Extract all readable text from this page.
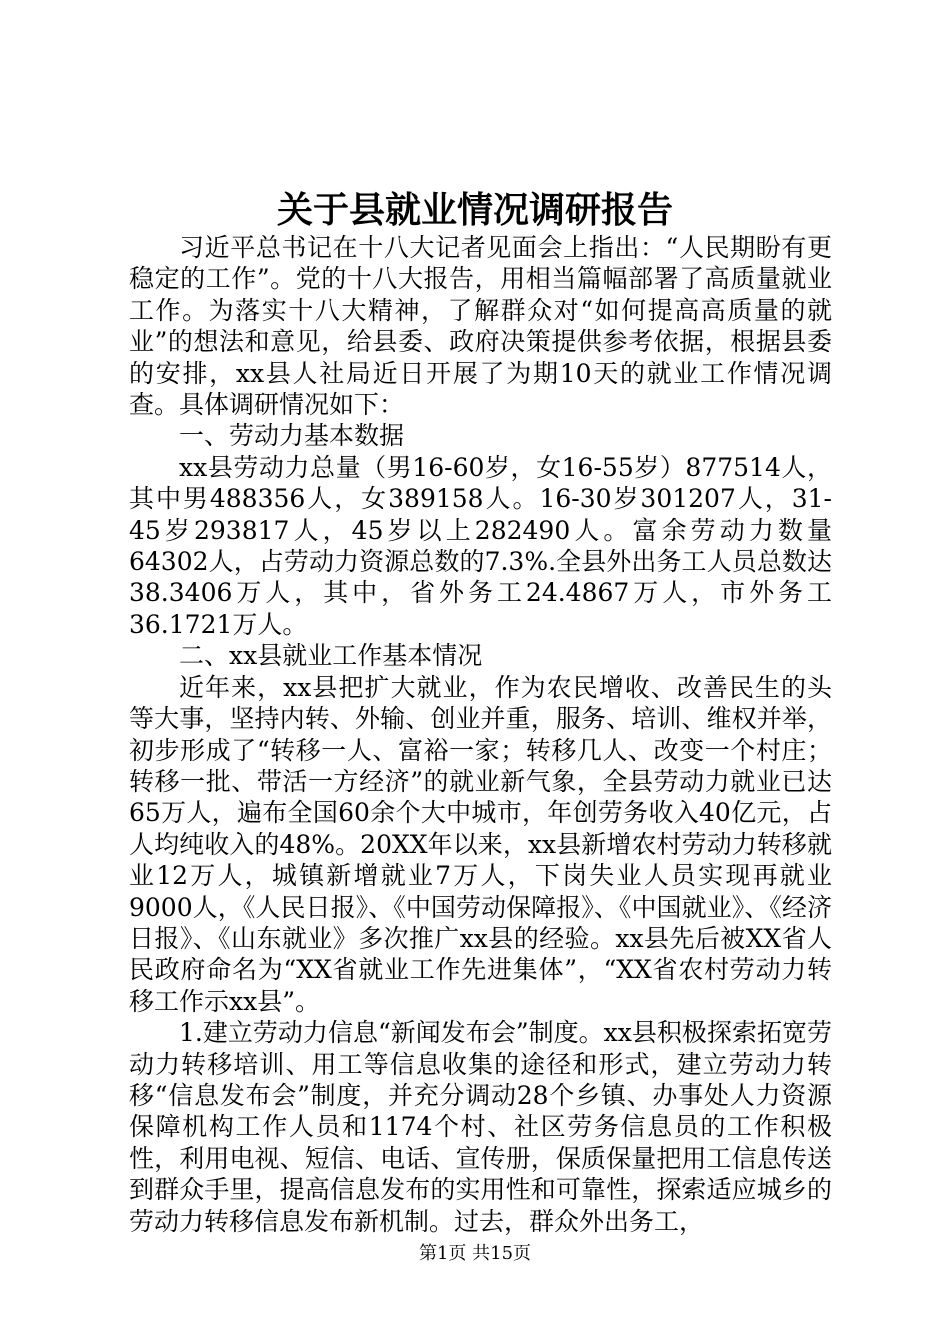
关于县就业情况调研报告

习近平总书记在十八大记者见面会上指出：“人民期盼有更稳定的工作”。党的十八大报告，用相当篇幅部署了高质量就业工作。为落实十八大精神，了解群众对“如何提高高质量的就业”的想法和意见，给县委、政府决策提供参考依据，根据县委的安排，xx县人社局近日开展了为期10天的就业工作情况调查。具体调研情况如下：

一、劳动力基本数据

xx县劳动力总量（男16-60岁，女16-55岁）877514人，其中男488356人，女389158人。16-30岁301207人，31-45岁293817人，45岁以上282490人。富余劳动力数量64302人，占劳动力资源总数的7.3%.全县外出务工人员总数达38.3406万人，其中，省外务工24.4867万人，市外务工36.1721万人。

二、xx县就业工作基本情况

近年来，xx县把扩大就业，作为农民增收、改善民生的头等大事，坚持内转、外输、创业并重，服务、培训、维权并举，初步形成了“转移一人、富裕一家；转移几人、改变一个村庄；转移一批、带活一方经济”的就业新气象，全县劳动力就业已达65万人，遍布全国60余个大中城市，年创劳务收入40亿元，占人均纯收入的48%。20XX年以来，xx县新增农村劳动力转移就业12万人，城镇新增就业7万人，下岗失业人员实现再就业9000人，《人民日报》、《中国劳动保障报》、《中国就业》、《经济日报》、《山东就业》多次推广xx县的经验。xx县先后被XX省人民政府命名为“XX省就业工作先进集体”，“XX省农村劳动力转移工作示xx县”。

1.建立劳动力信息“新闻发布会”制度。xx县积极探索拓宽劳动力转移培训、用工等信息收集的途径和形式，建立劳动力转移“信息发布会”制度，并充分调动28个乡镇、办事处人力资源保障机构工作人员和1174个村、社区劳务信息员的工作积极性，利用电视、短信、电话、宣传册，保质保量把用工信息传送到群众手里，提高信息发布的实用性和可靠性，探索适应城乡的劳动力转移信息发布新机制。过去，群众外出务工，

第1页 共15页
